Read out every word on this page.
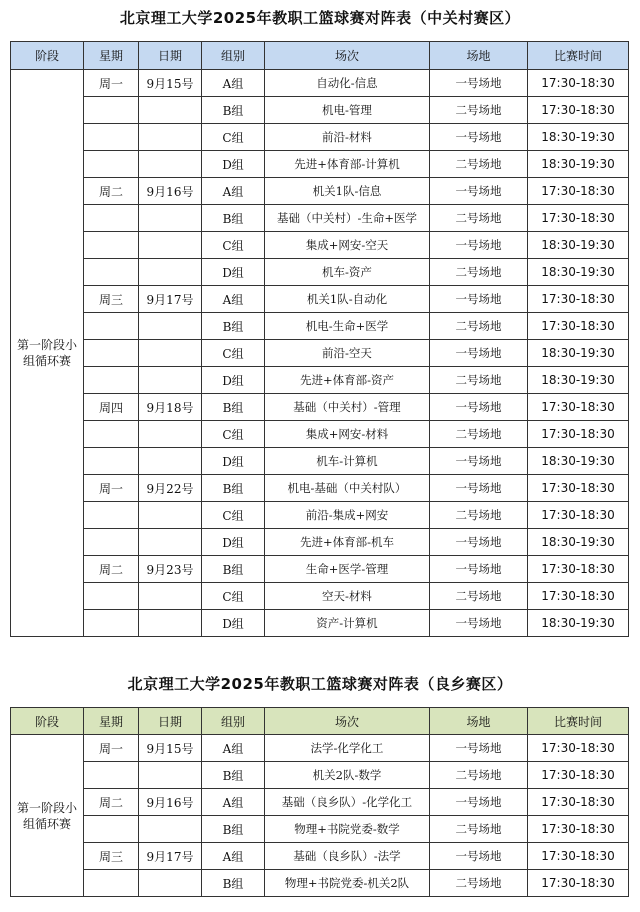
北京理工大学2025年教职工篮球赛对阵表（中关村赛区）
阶段	星期	日期	组别	场次	场地	比赛时间
第一阶段小组循环赛	周一	9月15号	A组	自动化-信息	一号场地	17:30-18:30
			B组	机电-管理	二号场地	17:30-18:30
			C组	前沿-材料	一号场地	18:30-19:30
			D组	先进+体育部-计算机	二号场地	18:30-19:30
	周二	9月16号	A组	机关1队-信息	一号场地	17:30-18:30
			B组	基础（中关村）-生命+医学	二号场地	17:30-18:30
			C组	集成+网安-空天	一号场地	18:30-19:30
			D组	机车-资产	二号场地	18:30-19:30
	周三	9月17号	A组	机关1队-自动化	一号场地	17:30-18:30
			B组	机电-生命+医学	二号场地	17:30-18:30
			C组	前沿-空天	一号场地	18:30-19:30
			D组	先进+体育部-资产	二号场地	18:30-19:30
	周四	9月18号	B组	基础（中关村）-管理	一号场地	17:30-18:30
			C组	集成+网安-材料	二号场地	17:30-18:30
			D组	机车-计算机	一号场地	18:30-19:30
	周一	9月22号	B组	机电-基础（中关村队）	一号场地	17:30-18:30
			C组	前沿-集成+网安	二号场地	17:30-18:30
			D组	先进+体育部-机车	一号场地	18:30-19:30
	周二	9月23号	B组	生命+医学-管理	一号场地	17:30-18:30
			C组	空天-材料	二号场地	17:30-18:30
			D组	资产-计算机	一号场地	18:30-19:30
北京理工大学2025年教职工篮球赛对阵表（良乡赛区）
阶段	星期	日期	组别	场次	场地	比赛时间
第一阶段小组循环赛	周一	9月15号	A组	法学-化学化工	一号场地	17:30-18:30
			B组	机关2队-数学	二号场地	17:30-18:30
	周二	9月16号	A组	基础（良乡队）-化学化工	一号场地	17:30-18:30
			B组	物理+书院党委-数学	二号场地	17:30-18:30
	周三	9月17号	A组	基础（良乡队）-法学	一号场地	17:30-18:30
			B组	物理+书院党委-机关2队	二号场地	17:30-18:30
